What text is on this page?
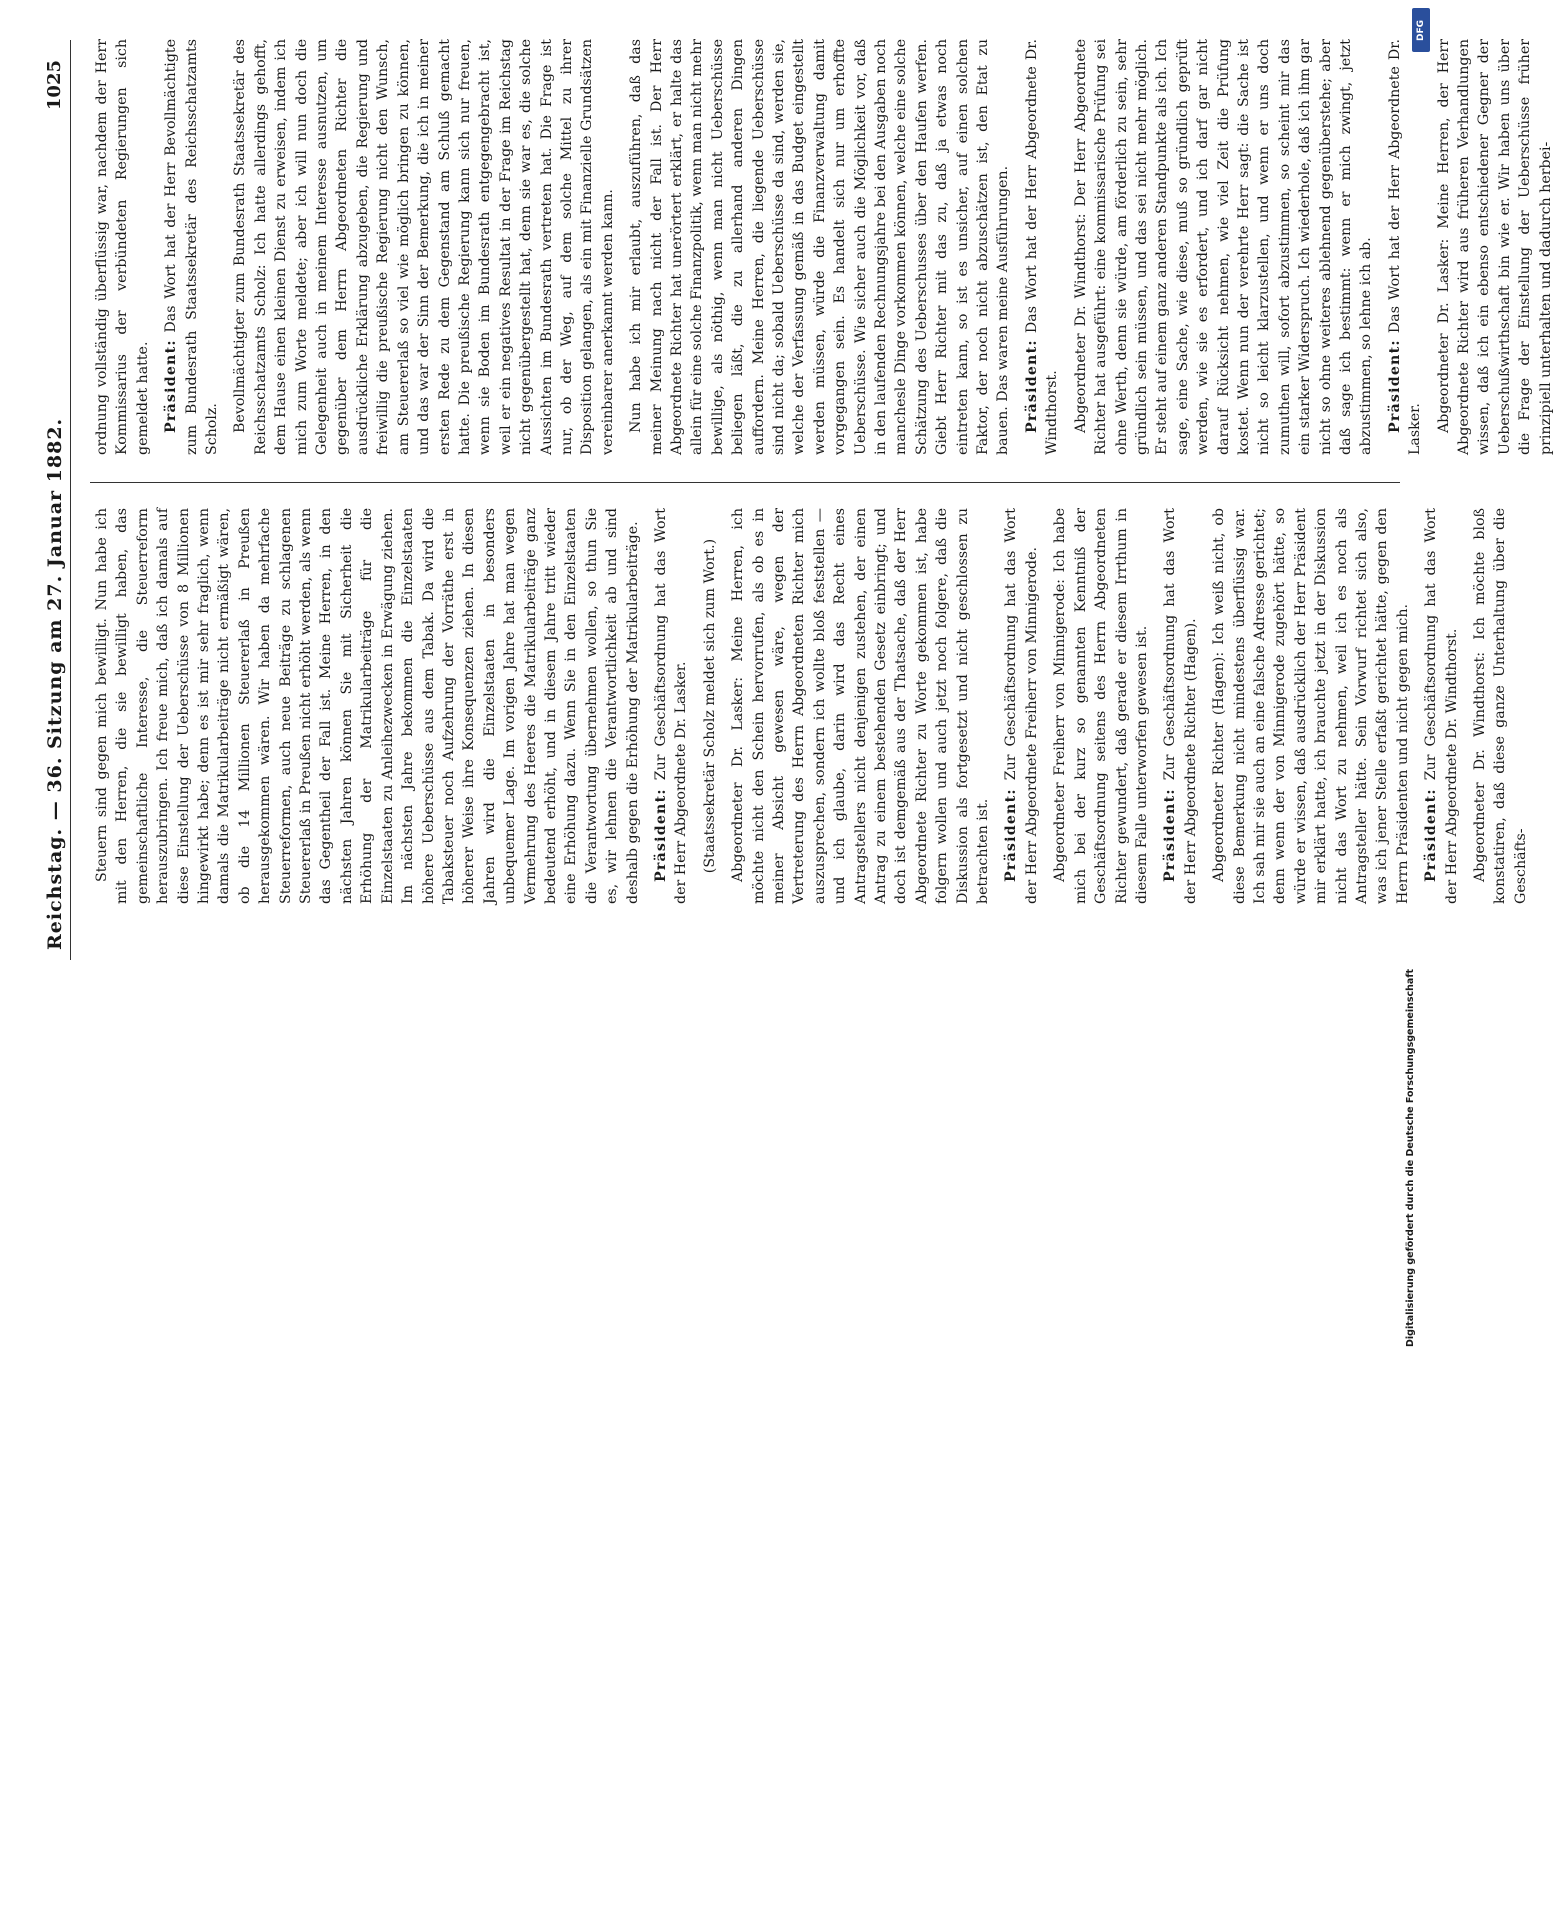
Reichstag. — 36. Sitzung am 27. Januar 1882.
1025

Steuern sind gegen mich bewilligt. Nun habe ich mit den Herren, die sie bewilligt haben, das gemeinschaftliche Interesse, die Steuerreform herauszubringen. Ich freue mich, daß ich damals auf diese Einstellung der Ueberschüsse von 8 Millionen hingewirkt habe; denn es ist mir sehr fraglich, wenn damals die Matrikularbeiträge nicht ermäßigt wären, ob die 14 Millionen Steuererlaß in Preußen herausgekommen wären. Wir haben da mehrfache Steuerreformen, auch neue Beiträge zu schlagenen Steuererlaß in Preußen nicht erhöht werden, als wenn das Gegentheil der Fall ist. Meine Herren, in den nächsten Jahren können Sie mit Sicherheit die Erhöhung der Matrikularbeiträge für die Einzelstaaten zu Anleihezwecken in Erwägung ziehen. Im nächsten Jahre bekommen die Einzelstaaten höhere Ueberschüsse aus dem Tabak. Da wird die Tabaksteuer noch Aufzehrung der Vorräthe erst in höherer Weise ihre Konsequenzen ziehen. In diesen Jahren wird die Einzelstaaten in besonders unbequemer Lage. Im vorigen Jahre hat man wegen Vermehrung des Heeres die Matrikularbeiträge ganz bedeutend erhöht, und in diesem Jahre tritt wieder eine Erhöhung dazu. Wenn Sie in den Einzelstaaten die Verantwortung übernehmen wollen, so thun Sie es, wir lehnen die Verantwortlichkeit ab und sind deshalb gegen die Erhöhung der Matrikularbeiträge. Präsident: Zur Geschäftsordnung hat das Wort der Herr Abgeordnete Dr. Lasker. (Staatssekretär Scholz meldet sich zum Wort.) Abgeordneter Dr. Lasker: Meine Herren, ich möchte nicht den Schein hervorrufen, als ob es in meiner Absicht gewesen wäre, wegen der Vertreterung des Herrn Abgeordneten Richter mich auszusprechen, sondern ich wollte bloß feststellen — und ich glaube, darin wird das Recht eines Antragstellers nicht denjenigen zustehen, der einen Antrag zu einem bestehenden Gesetz einbringt; und doch ist demgemäß aus der Thatsache, daß der Herr Abgeordnete Richter zu Worte gekommen ist, habe folgern wollen und auch jetzt noch folgere, daß die Diskussion als fortgesetzt und nicht geschlossen zu betrachten ist. Präsident: Zur Geschäftsordnung hat das Wort der Herr Abgeordnete Freiherr von Minnigerode. Abgeordneter Freiherr von Minnigerode: Ich habe mich bei der kurz so genannten Kenntniß der Geschäftsordnung seitens des Herrn Abgeordneten Richter gewundert, daß gerade er diesem Irrthum in diesem Falle unterworfen gewesen ist. Präsident: Zur Geschäftsordnung hat das Wort der Herr Abgeordnete Richter (Hagen). Abgeordneter Richter (Hagen): Ich weiß nicht, ob diese Bemerkung nicht mindestens überflüssig war. Ich sah mir sie auch an eine falsche Adresse gerichtet; denn wenn der von Minnigerode zugehört hätte, so würde er wissen, daß ausdrücklich der Herr Präsident mir erklärt hatte, ich brauchte jetzt in der Diskussion nicht das Wort zu nehmen, weil ich es noch als Antragsteller hätte. Sein Vorwurf richtet sich also, was ich jener Stelle erfaßt gerichtet hätte, gegen den Herrn Präsidenten und nicht gegen mich. Präsident: Zur Geschäftsordnung hat das Wort der Herr Abgeordnete Dr. Windthorst. Abgeordneter Dr. Windthorst: Ich möchte bloß konstatiren, daß diese ganze Unterhaltung über die Geschäfts-

ordnung vollständig überflüssig war, nachdem der Herr Kommissarius der verbündeten Regierungen sich gemeldet hatte. Präsident: Das Wort hat der Herr Bevollmächtigte zum Bundesrath Staatssekretär des Reichsschatzamts Scholz. Bevollmächtigter zum Bundesrath Staatssekretär des Reichsschatzamts Scholz: Ich hatte allerdings gehofft, dem Hause einen kleinen Dienst zu erweisen, indem ich mich zum Worte meldete; aber ich will nun doch die Gelegenheit auch in meinem Interesse ausnutzen, um gegenüber dem Herrn Abgeordneten Richter die ausdrückliche Erklärung abzugeben, die Regierung und freiwillig die preußische Regierung nicht den Wunsch, am Steuererlaß so viel wie möglich bringen zu können, und das war der Sinn der Bemerkung, die ich in meiner ersten Rede zu dem Gegenstand am Schluß gemacht hatte. Die preußische Regierung kann sich nur freuen, wenn sie Boden im Bundesrath entgegengebracht ist, weil er ein negatives Resultat in der Frage im Reichstag nicht gegenübergestellt hat, denn sie war es, die solche Aussichten im Bundesrath vertreten hat. Die Frage ist nur, ob der Weg, auf dem solche Mittel zu ihrer Disposition gelangen, als ein mit Finanzielle Grundsätzen vereinbarer anerkannt werden kann. Nun habe ich mir erlaubt, auszuführen, daß das meiner Meinung nach nicht der Fall ist. Der Herr Abgeordnete Richter hat unerörtert erklärt, er halte das allein für eine solche Finanzpolitik, wenn man nicht mehr bewillige, als nöthig, wenn man nicht Ueberschüsse beliegen läßt, die zu allerhand anderen Dingen auffordern. Meine Herren, die liegende Ueberschüsse sind nicht da; sobald Ueberschüsse da sind, werden sie, welche der Verfassung gemäß in das Budget eingestellt werden müssen, würde die Finanzverwaltung damit vorgegangen sein. Es handelt sich nur um erhoffte Ueberschüsse. Wie sicher auch die Möglichkeit vor, daß in den laufenden Rechnungsjahre bei den Ausgaben noch manchesle Dinge vorkommen können, welche eine solche Schätzung des Ueberschusses über den Haufen werfen. Giebt Herr Richter mit das zu, daß ja etwas noch eintreten kann, so ist es unsicher, auf einen solchen Faktor, der noch nicht abzuschätzen ist, den Etat zu bauen. Das waren meine Ausführungen. Präsident: Das Wort hat der Herr Abgeordnete Dr. Windthorst. Abgeordneter Dr. Windthorst: Der Herr Abgeordnete Richter hat ausgeführt: eine kommissarische Prüfung sei ohne Werth, denn sie würde, am förderlich zu sein, sehr gründlich sein müssen, und das sei nicht mehr möglich. Er steht auf einem ganz anderen Standpunkte als ich. Ich sage, eine Sache, wie diese, muß so gründlich geprüft werden, wie sie es erfordert, und ich darf gar nicht darauf Rücksicht nehmen, wie viel Zeit die Prüfung kostet. Wenn nun der verehrte Herr sagt: die Sache ist nicht so leicht klarzustellen, und wenn er uns doch zumuthen will, sofort abzustimmen, so scheint mir das ein starker Widerspruch. Ich wiederhole, daß ich ihm gar nicht so ohne weiteres ablehnend gegenüberstehe; aber daß sage ich bestimmt: wenn er mich zwingt, jetzt abzustimmen, so lehne ich ab. Präsident: Das Wort hat der Herr Abgeordnete Dr. Lasker. Abgeordneter Dr. Lasker: Meine Herren, der Herr Abgeordnete Richter wird aus früheren Verhandlungen wissen, daß ich ein ebenso entschiedener Gegner der Ueberschußwirthschaft bin wie er. Wir haben uns über die Frage der Einstellung der Ueberschüsse früher prinzipiell unterhalten und dadurch herbei-

Digitalisierung gefördert durch die Deutsche Forschungsgemeinschaft
DFG
